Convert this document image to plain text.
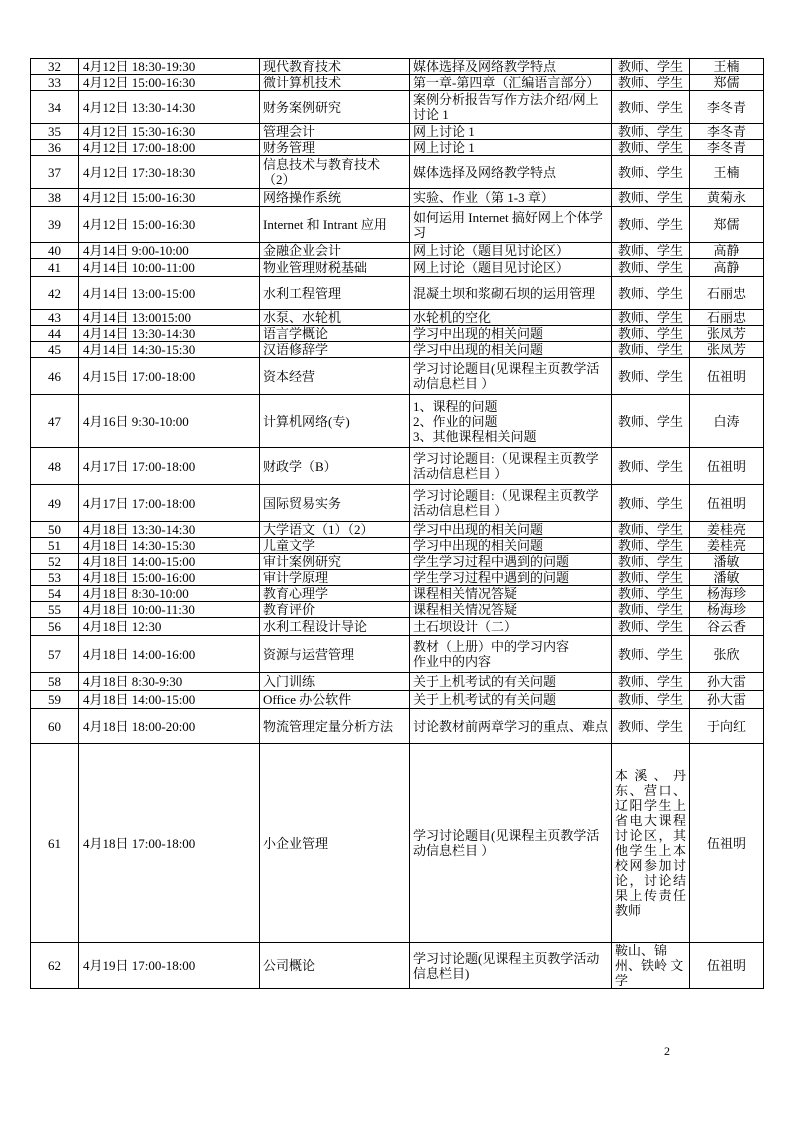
32	4月12日 18:30-19:30	现代教育技术	媒体选择及网络教学特点	教师、学生	王楠
33	4月12日 15:00-16:30	微计算机技术	第一章-第四章（汇编语言部分）	教师、学生	郑儒
34	4月12日 13:30-14:30	财务案例研究	案例分析报告写作方法介绍/网上讨论 1	教师、学生	李冬青
35	4月12日 15:30-16:30	管理会计	网上讨论 1	教师、学生	李冬青
36	4月12日 17:00-18:00	财务管理	网上讨论 1	教师、学生	李冬青
37	4月12日 17:30-18:30	信息技术与教育技术（2）	媒体选择及网络教学特点	教师、学生	王楠
38	4月12日 15:00-16:30	网络操作系统	实验、作业（第 1-3 章）	教师、学生	黄菊永
39	4月12日 15:00-16:30	Internet 和 Intrant 应用	如何运用 Internet 搞好网上个体学习	教师、学生	郑儒
40	4月14日 9:00-10:00	金融企业会计	网上讨论（题目见讨论区）	教师、学生	高静
41	4月14日 10:00-11:00	物业管理财税基础	网上讨论（题目见讨论区）	教师、学生	高静
42	4月14日 13:00-15:00	水利工程管理	混凝土坝和浆砌石坝的运用管理	教师、学生	石丽忠
43	4月14日 13:0015:00	水泵、水轮机	水轮机的空化	教师、学生	石丽忠
44	4月14日 13:30-14:30	语言学概论	学习中出现的相关问题	教师、学生	张凤芳
45	4月14日 14:30-15:30	汉语修辞学	学习中出现的相关问题	教师、学生	张凤芳
46	4月15日 17:00-18:00	资本经营	学习讨论题目(见课程主页教学活动信息栏目 ）	教师、学生	伍祖明
47	4月16日 9:30-10:00	计算机网络(专)	1、课程的问题
2、作业的问题
3、其他课程相关问题	教师、学生	白涛
48	4月17日 17:00-18:00	财政学（B）	学习讨论题目:（见课程主页教学活动信息栏目 ）	教师、学生	伍祖明
49	4月17日 17:00-18:00	国际贸易实务	学习讨论题目:（见课程主页教学活动信息栏目 ）	教师、学生	伍祖明
50	4月18日 13:30-14:30	大学语文（1）（2）	学习中出现的相关问题	教师、学生	姜桂亮
51	4月18日 14:30-15:30	儿童文学	学习中出现的相关问题	教师、学生	姜桂亮
52	4月18日 14:00-15:00	审计案例研究	学生学习过程中遇到的问题	教师、学生	潘敏
53	4月18日 15:00-16:00	审计学原理	学生学习过程中遇到的问题	教师、学生	潘敏
54	4月18日 8:30-10:00	教育心理学	课程相关情况答疑	教师、学生	杨海珍
55	4月18日 10:00-11:30	教育评价	课程相关情况答疑	教师、学生	杨海珍
56	4月18日 12:30	水利工程设计导论	土石坝设计（二）	教师、学生	谷云香
57	4月18日 14:00-16:00	资源与运营管理	教材（上册）中的学习内容
作业中的内容	教师、学生	张欣
58	4月18日 8:30-9:30	入门训练	关于上机考试的有关问题	教师、学生	孙大雷
59	4月18日 14:00-15:00	Office 办公软件	关于上机考试的有关问题	教师、学生	孙大雷
60	4月18日 18:00-20:00	物流管理定量分析方法	讨论教材前两章学习的重点、难点	教师、学生	于向红
61	4月18日 17:00-18:00	小企业管理	学习讨论题目(见课程主页教学活动信息栏目 ）	本溪、丹东、营口、辽阳学生上省电大课程讨论区，其他学生上本校网参加讨论，讨论结果上传责任教师	伍祖明
62	4月19日 17:00-18:00	公司概论	学习讨论题(见课程主页教学活动信息栏目)	鞍山、锦州、铁岭 文学	伍祖明
2
